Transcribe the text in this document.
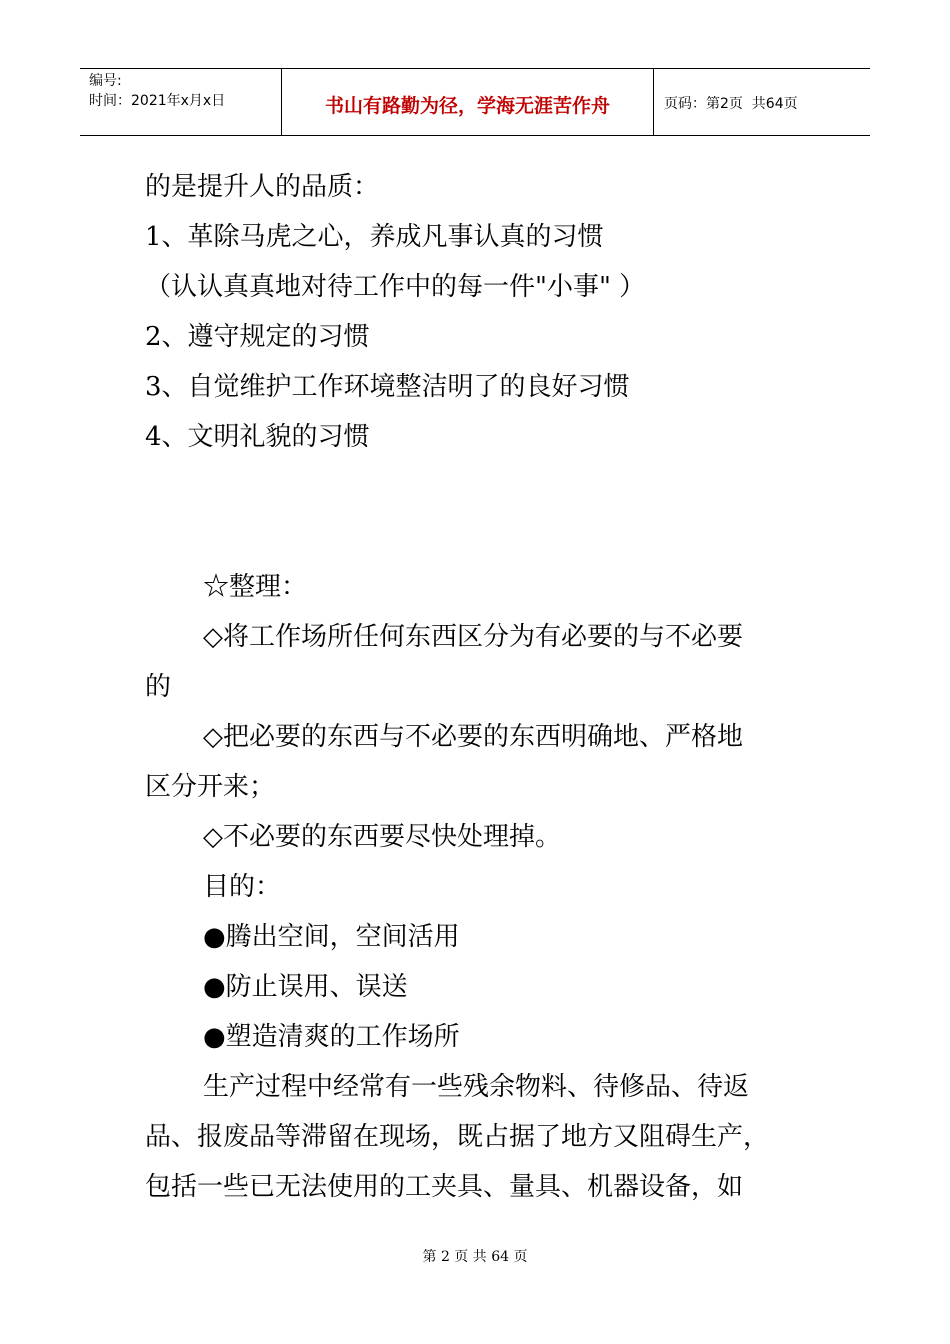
编号:
时间：2021年x月x日	书山有路勤为径，学海无涯苦作舟	页码：第2页  共64页
的是提升人的品质：
1、革除马虎之心，养成凡事认真的习惯
（认认真真地对待工作中的每一件"小事" ）
2、遵守规定的习惯
3、自觉维护工作环境整洁明了的良好习惯
4、文明礼貌的习惯
☆整理：
◇将工作场所任何东西区分为有必要的与不必要
的
◇把必要的东西与不必要的东西明确地、严格地
区分开来；
◇不必要的东西要尽快处理掉。
目的：
●腾出空间，空间活用
●防止误用、误送
●塑造清爽的工作场所
生产过程中经常有一些残余物料、待修品、待返
品、报废品等滞留在现场，既占据了地方又阻碍生产，
包括一些已无法使用的工夹具、量具、机器设备，如
第 2 页 共 64 页
